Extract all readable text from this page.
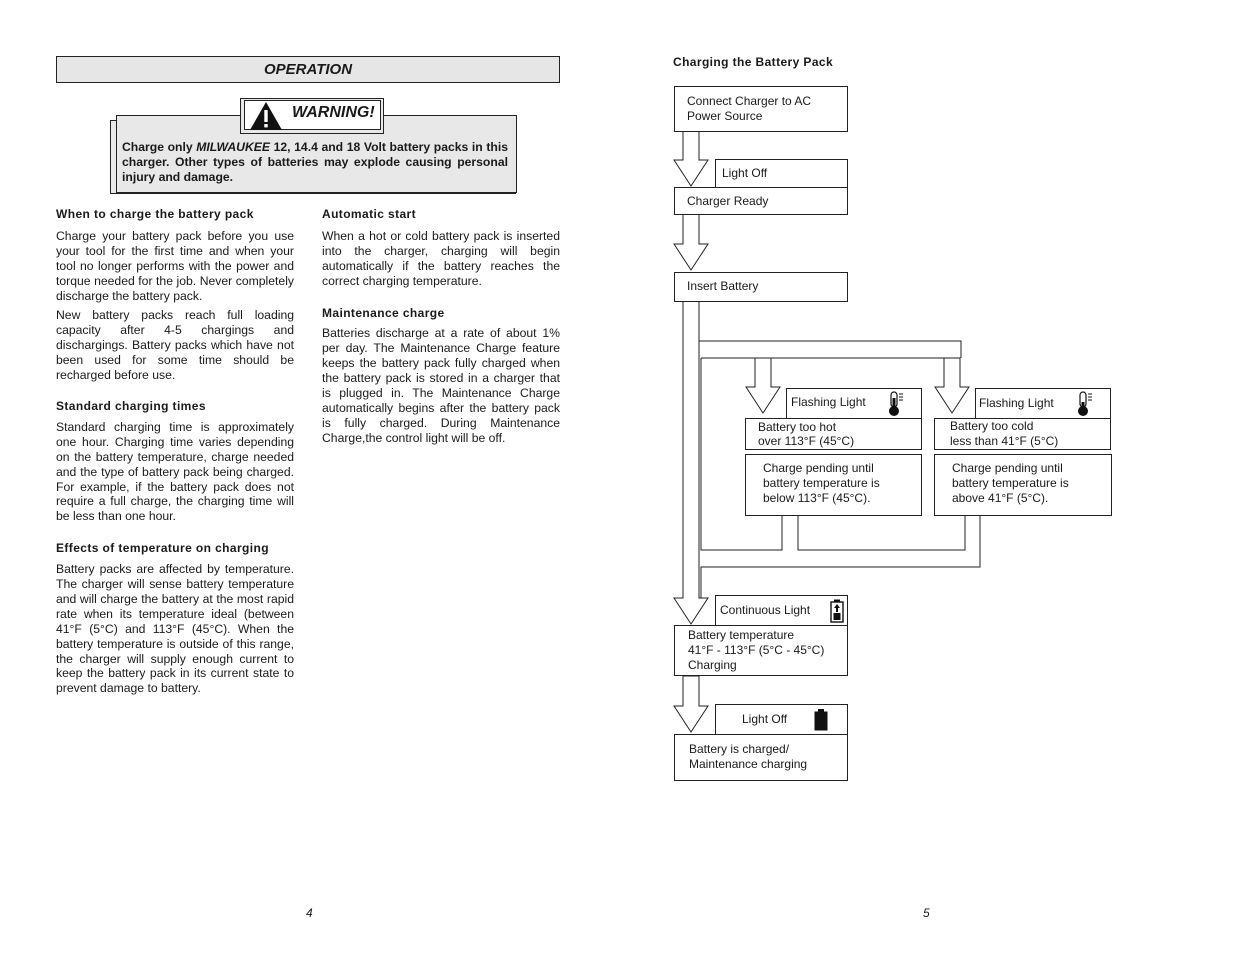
OPERATION
Charge only MILWAUKEE 12, 14.4 and 18 Volt battery packs in this charger. Other types of batteries may explode causing personal injury and damage.
WARNING!
When to charge the battery pack

Charge your battery pack before you use your tool for the first time and when your tool no longer performs with the power and torque needed for the job. Never completely discharge the battery pack.

New battery packs reach full loading capacity after 4-5 chargings and dischargings. Battery packs which have not been used for some time should be recharged before use.

Standard charging times

Standard charging time is approximately one hour. Charging time varies depending on the battery temperature, charge needed and the type of battery pack being charged. For example, if the battery pack does not require a full charge, the charging time will be less than one hour.

Effects of temperature on charging

Battery packs are affected by temperature. The charger will sense battery temperature and will charge the battery at the most rapid rate when its temperature ideal (between 41°F (5°C) and 113°F (45°C). When the battery temperature is outside of this range, the charger will supply enough current to keep the battery pack in its current state to prevent damage to battery.

Automatic start

When a hot or cold battery pack is inserted into the charger, charging will begin automatically if the battery reaches the correct charging temperature.

Maintenance charge

Batteries discharge at a rate of about 1% per day. The Maintenance Charge feature keeps the battery pack fully charged when the battery pack is stored in a charger that is plugged in. The Maintenance Charge automatically begins after the battery pack is fully charged. During Maintenance Charge,the control light will be off.

4
Charging the Battery Pack
Connect Charger to AC
Power Source
Light Off
Charger Ready
Insert Battery
Flashing Light
Battery too hot
over 113°F (45°C)
Charge pending until
battery temperature is
below 113°F (45°C).
Flashing Light
Battery too cold
less than 41°F (5°C)
Charge pending until
battery temperature is
above 41°F (5°C).
Continuous Light
Battery temperature
41°F - 113°F (5°C - 45°C)
Charging
Light Off
Battery is charged/
Maintenance charging
5
